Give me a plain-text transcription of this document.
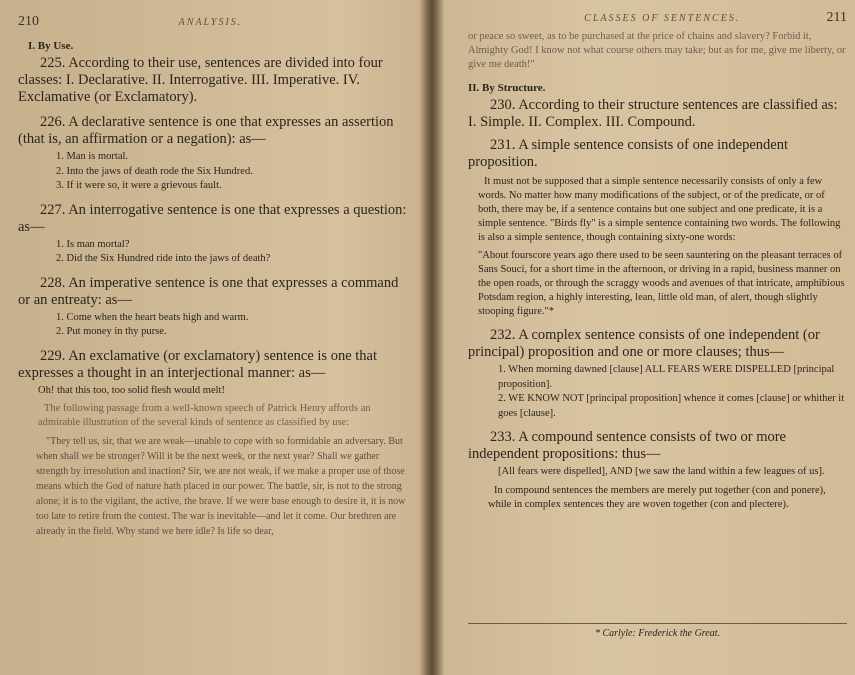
210	ANALYSIS.
I. By Use.

225. According to their use, sentences are divided into four classes: I. Declarative. II. Interrogative. III. Imperative. IV. Exclamative (or Exclamatory).

226. A declarative sentence is one that expresses an assertion (that is, an affirmation or a negation): as—

1. Man is mortal.
2. Into the jaws of death rode the Six Hundred.
3. If it were so, it were a grievous fault.

227. An interrogative sentence is one that expresses a question: as—

1. Is man mortal?
2. Did the Six Hundred ride into the jaws of death?

228. An imperative sentence is one that expresses a command or an entreaty: as—

1. Come when the heart beats high and warm.
2. Put money in thy purse.

229. An exclamative (or exclamatory) sentence is one that expresses a thought in an interjectional manner: as—

Oh! that this too, too solid flesh would melt!

The following passage from a well-known speech of Patrick Henry affords an admirable illustration of the several kinds of sentence as classified by use:

"They tell us, sir, that we are weak—unable to cope with so formidable an adversary. But when shall we be stronger? Will it be the next week, or the next year? Shall we gather strength by irresolution and inaction? Sir, we are not weak, if we make a proper use of those means which the God of nature hath placed in our power. The battle, sir, is not to the strong alone; it is to the vigilant, the active, the brave. If we were base enough to desire it, it is now too late to retire from the contest. The war is inevitable—and let it come. Our brethren are already in the field. Why stand we here idle? Is life so dear,

CLASSES OF SENTENCES.	211

or peace so sweet, as to be purchased at the price of chains and slavery? Forbid it, Almighty God! I know not what course others may take; but as for me, give me liberty, or give me death!"

II. By Structure.

230. According to their structure sentences are classified as: I. Simple. II. Complex. III. Compound.

231. A simple sentence consists of one independent proposition.

It must not be supposed that a simple sentence necessarily consists of only a few words. No matter how many modifications of the subject, or of the predicate, or of both, there may be, if a sentence contains but one subject and one predicate, it is a simple sentence. "Birds fly" is a simple sentence containing two words. The following is also a simple sentence, though containing sixty-one words:

"About fourscore years ago there used to be seen sauntering on the pleasant terraces of Sans Souci, for a short time in the afternoon, or driving in a rapid, business manner on the open roads, or through the scraggy woods and avenues of that intricate, amphibious Potsdam region, a highly interesting, lean, little old man, of alert, though slightly stooping figure."*

232. A complex sentence consists of one independent (or principal) proposition and one or more clauses; thus—

1. When morning dawned [clause] ALL FEARS WERE DISPELLED [principal proposition].
2. WE KNOW NOT [principal proposition] whence it comes [clause] or whither it goes [clause].

233. A compound sentence consists of two or more independent propositions: thus—

[All fears were dispelled], AND [we saw the land within a few leagues of us].

In compound sentences the members are merely put together (con and ponere), while in complex sentences they are woven together (con and plectere).

* Carlyle: Frederick the Great.
